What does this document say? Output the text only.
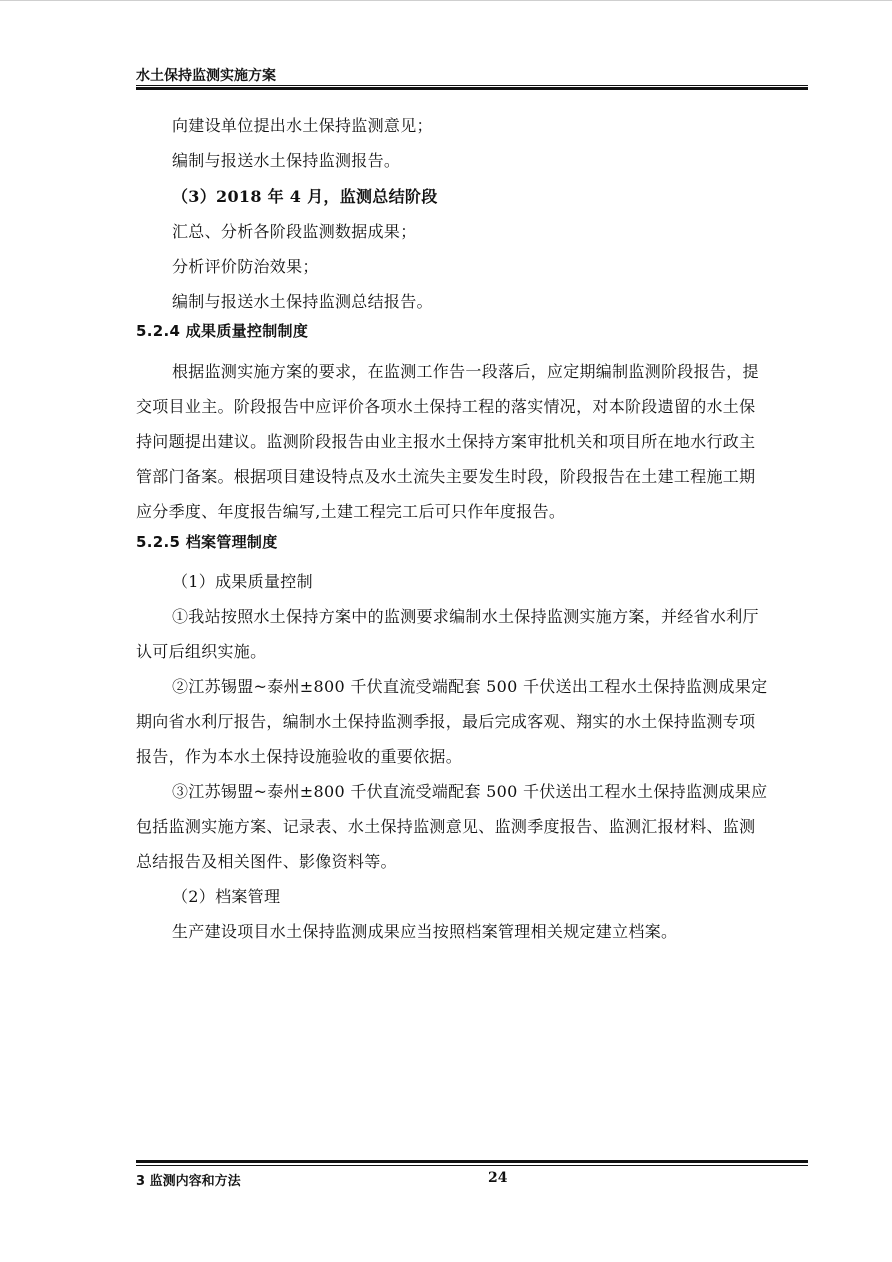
水土保持监测实施方案
向建设单位提出水土保持监测意见；
编制与报送水土保持监测报告。
（3）2018 年 4 月，监测总结阶段
汇总、分析各阶段监测数据成果；
分析评价防治效果；
编制与报送水土保持监测总结报告。
5.2.4 成果质量控制制度
根据监测实施方案的要求，在监测工作告一段落后，应定期编制监测阶段报告，提
交项目业主。阶段报告中应评价各项水土保持工程的落实情况，对本阶段遗留的水土保
持问题提出建议。监测阶段报告由业主报水土保持方案审批机关和项目所在地水行政主
管部门备案。根据项目建设特点及水土流失主要发生时段，阶段报告在土建工程施工期
应分季度、年度报告编写,土建工程完工后可只作年度报告。
5.2.5 档案管理制度
（1）成果质量控制
①我站按照水土保持方案中的监测要求编制水土保持监测实施方案，并经省水利厅
认可后组织实施。
②江苏锡盟~泰州±800 千伏直流受端配套 500 千伏送出工程水土保持监测成果定
期向省水利厅报告，编制水土保持监测季报，最后完成客观、翔实的水土保持监测专项
报告，作为本水土保持设施验收的重要依据。
③江苏锡盟~泰州±800 千伏直流受端配套 500 千伏送出工程水土保持监测成果应
包括监测实施方案、记录表、水土保持监测意见、监测季度报告、监测汇报材料、监测
总结报告及相关图件、影像资料等。
（2）档案管理
生产建设项目水土保持监测成果应当按照档案管理相关规定建立档案。
3 监测内容和方法	24
